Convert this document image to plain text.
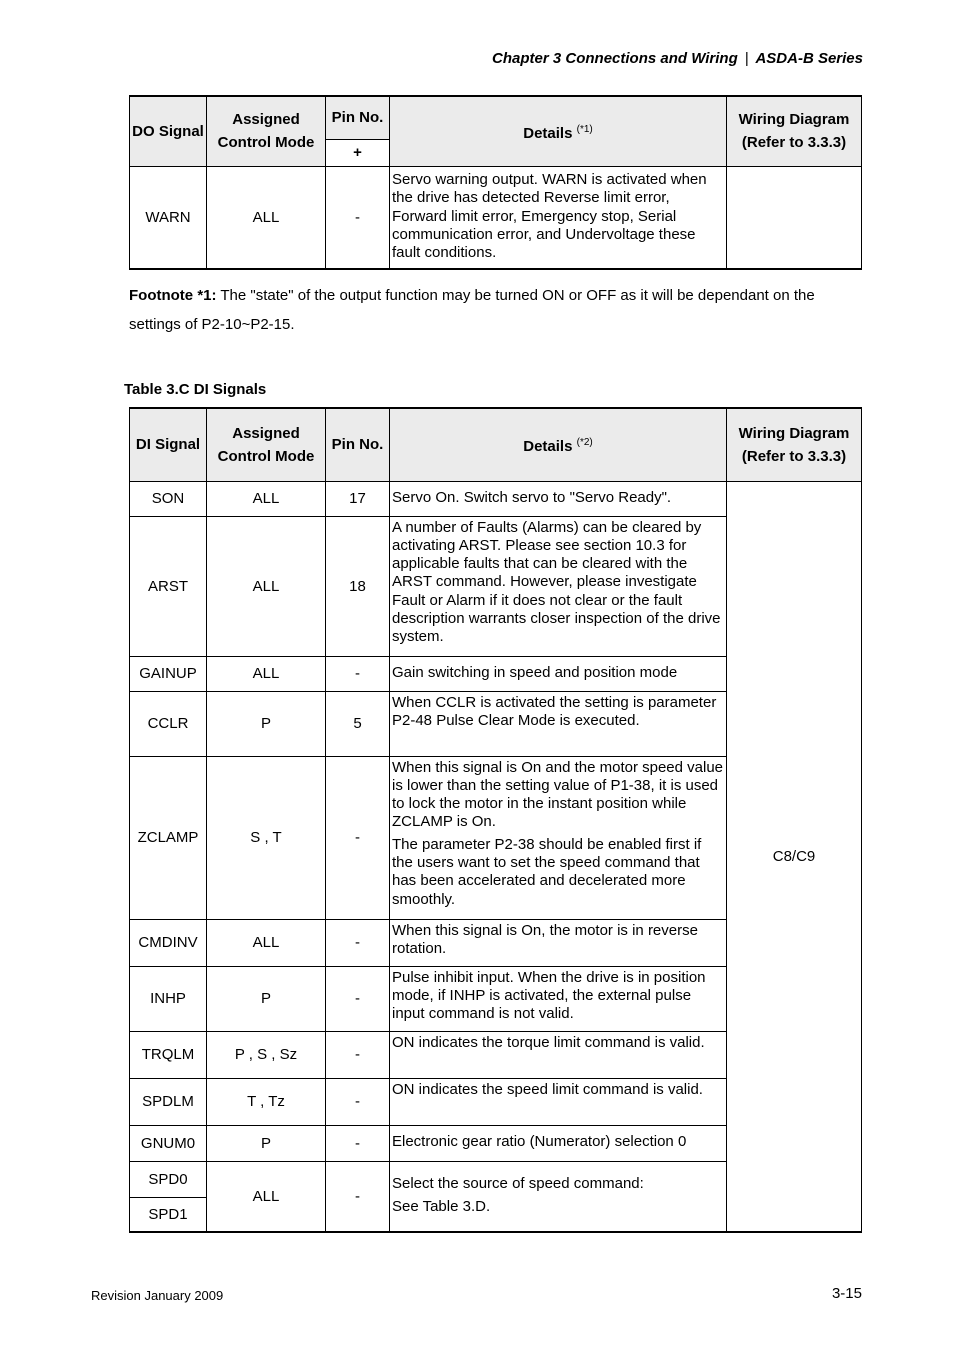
Chapter 3 Connections and Wiring | ASDA-B Series
DO Signal	Assigned Control Mode	Pin No.	Details $^{(*1)}$	Wiring Diagram (Refer to 3.3.3)
		+		
WARN	ALL	-	Servo warning output. WARN is activated when the drive has detected Reverse limit error, Forward limit error, Emergency stop, Serial communication error, and Undervoltage these fault conditions.	
Footnote *1: The "state" of the output function may be turned ON or OFF as it will be dependant on the settings of P2-10~P2-15.
Table 3.C DI Signals
DI Signal	Assigned Control Mode	Pin No.	Details $^{(*2)}$	Wiring Diagram (Refer to 3.3.3)
SON	ALL	17	Servo On. Switch servo to "Servo Ready".	C8/C9
ARST	ALL	18	A number of Faults (Alarms) can be cleared by activating ARST. Please see section 10.3 for applicable faults that can be cleared with the ARST command. However, please investigate Fault or Alarm if it does not clear or the fault description warrants closer inspection of the drive system.	
GAINUP	ALL	-	Gain switching in speed and position mode	
CCLR	P	5	When CCLR is activated the setting is parameter P2-48 Pulse Clear Mode is executed.	
ZCLAMP	S , T	-	When this signal is On and the motor speed value is lower than the setting value of P1-38, it is used to lock the motor in the instant position while ZCLAMP is On.

The parameter P2-38 should be enabled first if the users want to set the speed command that has been accelerated and decelerated more smoothly.	

CMDINV	ALL	-	When this signal is On, the motor is in reverse rotation.	
INHP	P	-	Pulse inhibit input. When the drive is in position mode, if INHP is activated, the external pulse input command is not valid.	
TRQLM	P , S , Sz	-	ON indicates the torque limit command is valid.	
SPDLM	T , Tz	-	ON indicates the speed limit command is valid.	
GNUM0	P	-	Electronic gear ratio (Numerator) selection 0	
SPD0	ALL	-	Select the source of speed command:

See Table 3.D.	

SPD1				
Revision January 2009	3-15
